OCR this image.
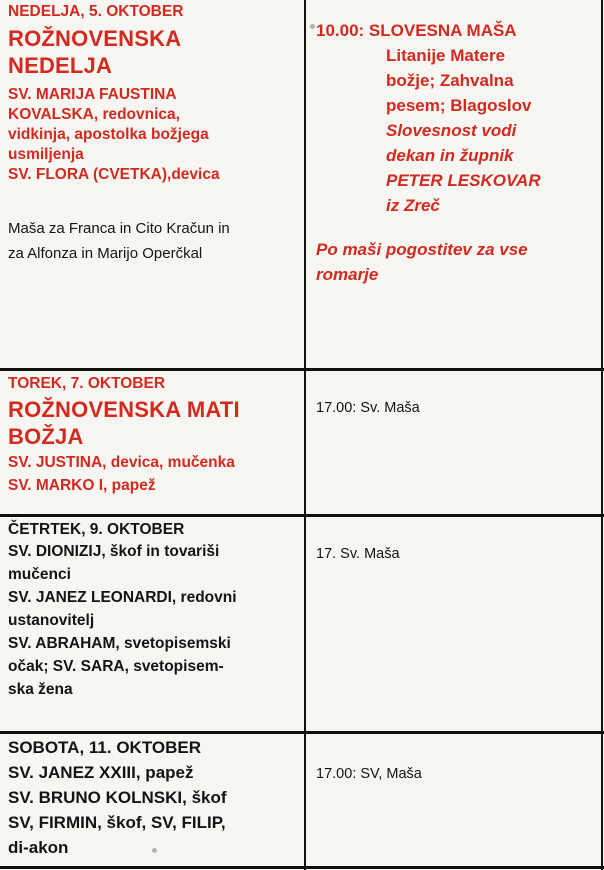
NEDELJA, 5. OKTOBER
ROŽNOVENSKA
NEDELJA
SV. MARIJA FAUSTINA
KOVALSKA, redovnica,
vidkinja, apostolka božjega
usmiljenja
SV. FLORA (CVETKA),devica
Maša za Franca in Cito Kračun in
za Alfonza in Marijo Operčkal
10.00: SLOVESNA MAŠA
Litanije Matere
božje; Zahvalna
pesem; Blagoslov
Slovesnost vodi
dekan in župnik
PETER LESKOVAR
iz Zreč
Po maši pogostitev za vse
romarje
TOREK, 7. OKTOBER
ROŽNOVENSKA MATI
BOŽJA
SV. JUSTINA, devica, mučenka
SV. MARKO I, papež
17.00: Sv. Maša
ČETRTEK, 9. OKTOBER
SV. DIONIZIJ, škof in tovariši
mučenci
SV. JANEZ LEONARDI, redovni
ustanovitelj
SV. ABRAHAM, svetopisemski
očak; SV. SARA, svetopisem-
ska žena
17. Sv. Maša
SOBOTA, 11. OKTOBER
SV. JANEZ XXIII, papež
SV. BRUNO KOLNSKI, škof
SV, FIRMIN, škof, SV, FILIP,
di-akon
17.00: SV, Maša
